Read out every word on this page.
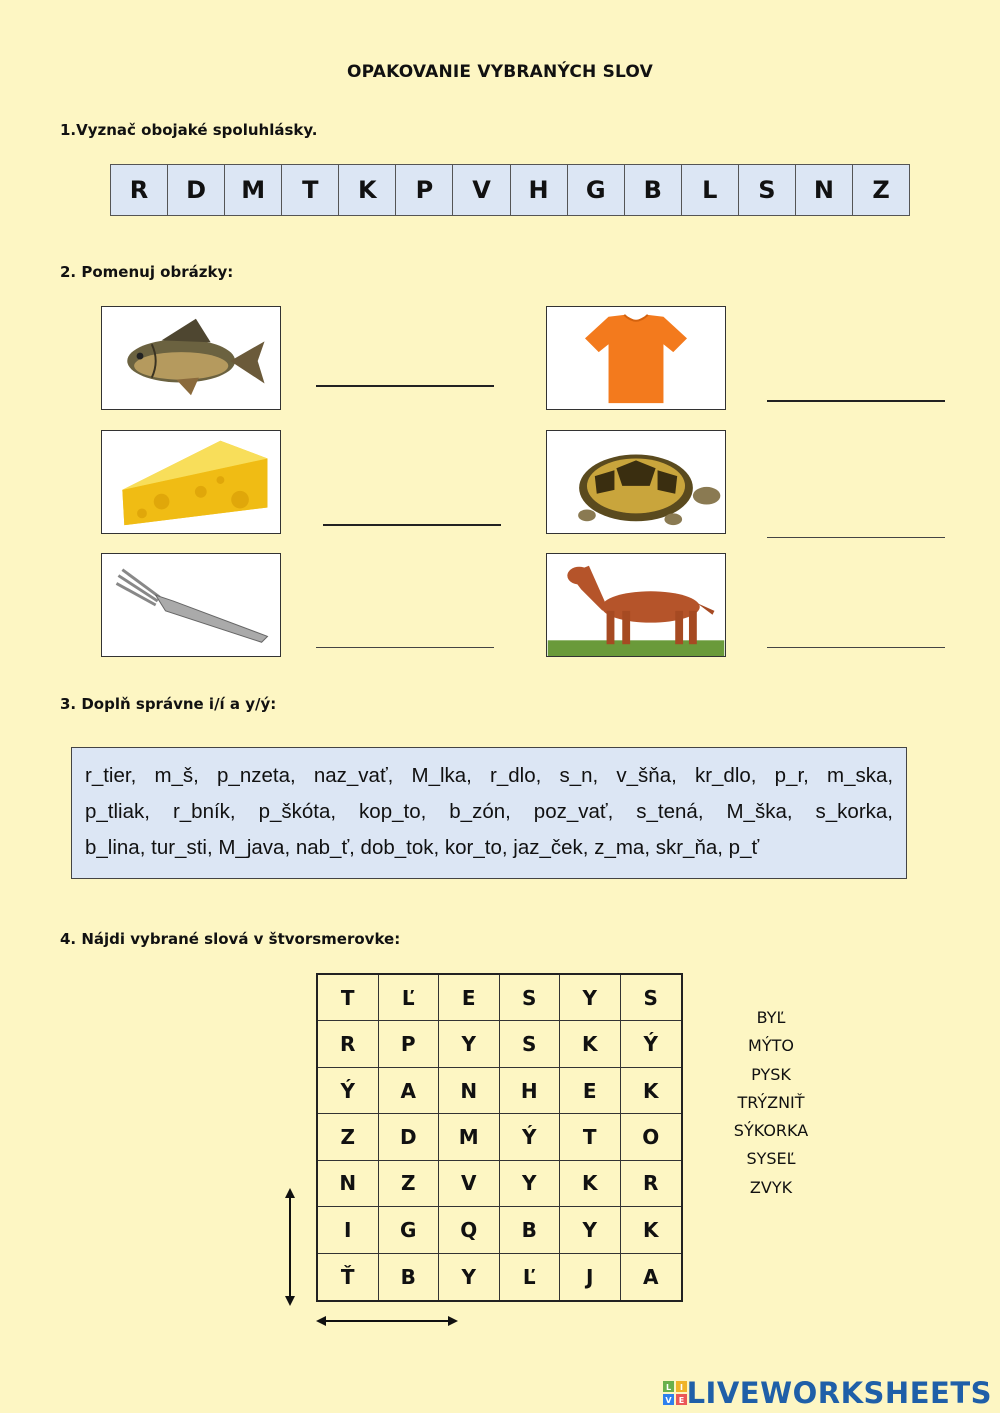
OPAKOVANIE VYBRANÝCH SLOV
1.Vyznač obojaké spoluhlásky.
R	D	M	T	K	P	V	H	G	B	L	S	N	Z
2. Pomenuj obrázky:
3. Doplň správne i/í a y/ý:
r_tier, m_š, p_nzeta, naz_vať, M_lka, r_dlo, s_n, v_šňa, kr_dlo, p_r, m_ska,
p_tliak, r_bník, p_škóta, kop_to, b_zón, poz_vať, s_tená, M_ška, s_korka,
b_lina, tur_sti, M_java, nab_ť, dob_tok, kor_to, jaz_ček, z_ma, skr_ňa, p_ť
4. Nájdi vybrané slová v štvorsmerovke:
T	Ľ	E	S	Y	S
R	P	Y	S	K	Ý
Ý	A	N	H	E	K
Z	D	M	Ý	T	O
N	Z	V	Y	K	R
I	G	Q	B	Y	K
Ť	B	Y	Ľ	J	A
BYĽ
MÝTO
PYSK
TRÝZNIŤ
SÝKORKA
SYSEĽ
ZVYK
L I
V E LIVEWORKSHEETS
